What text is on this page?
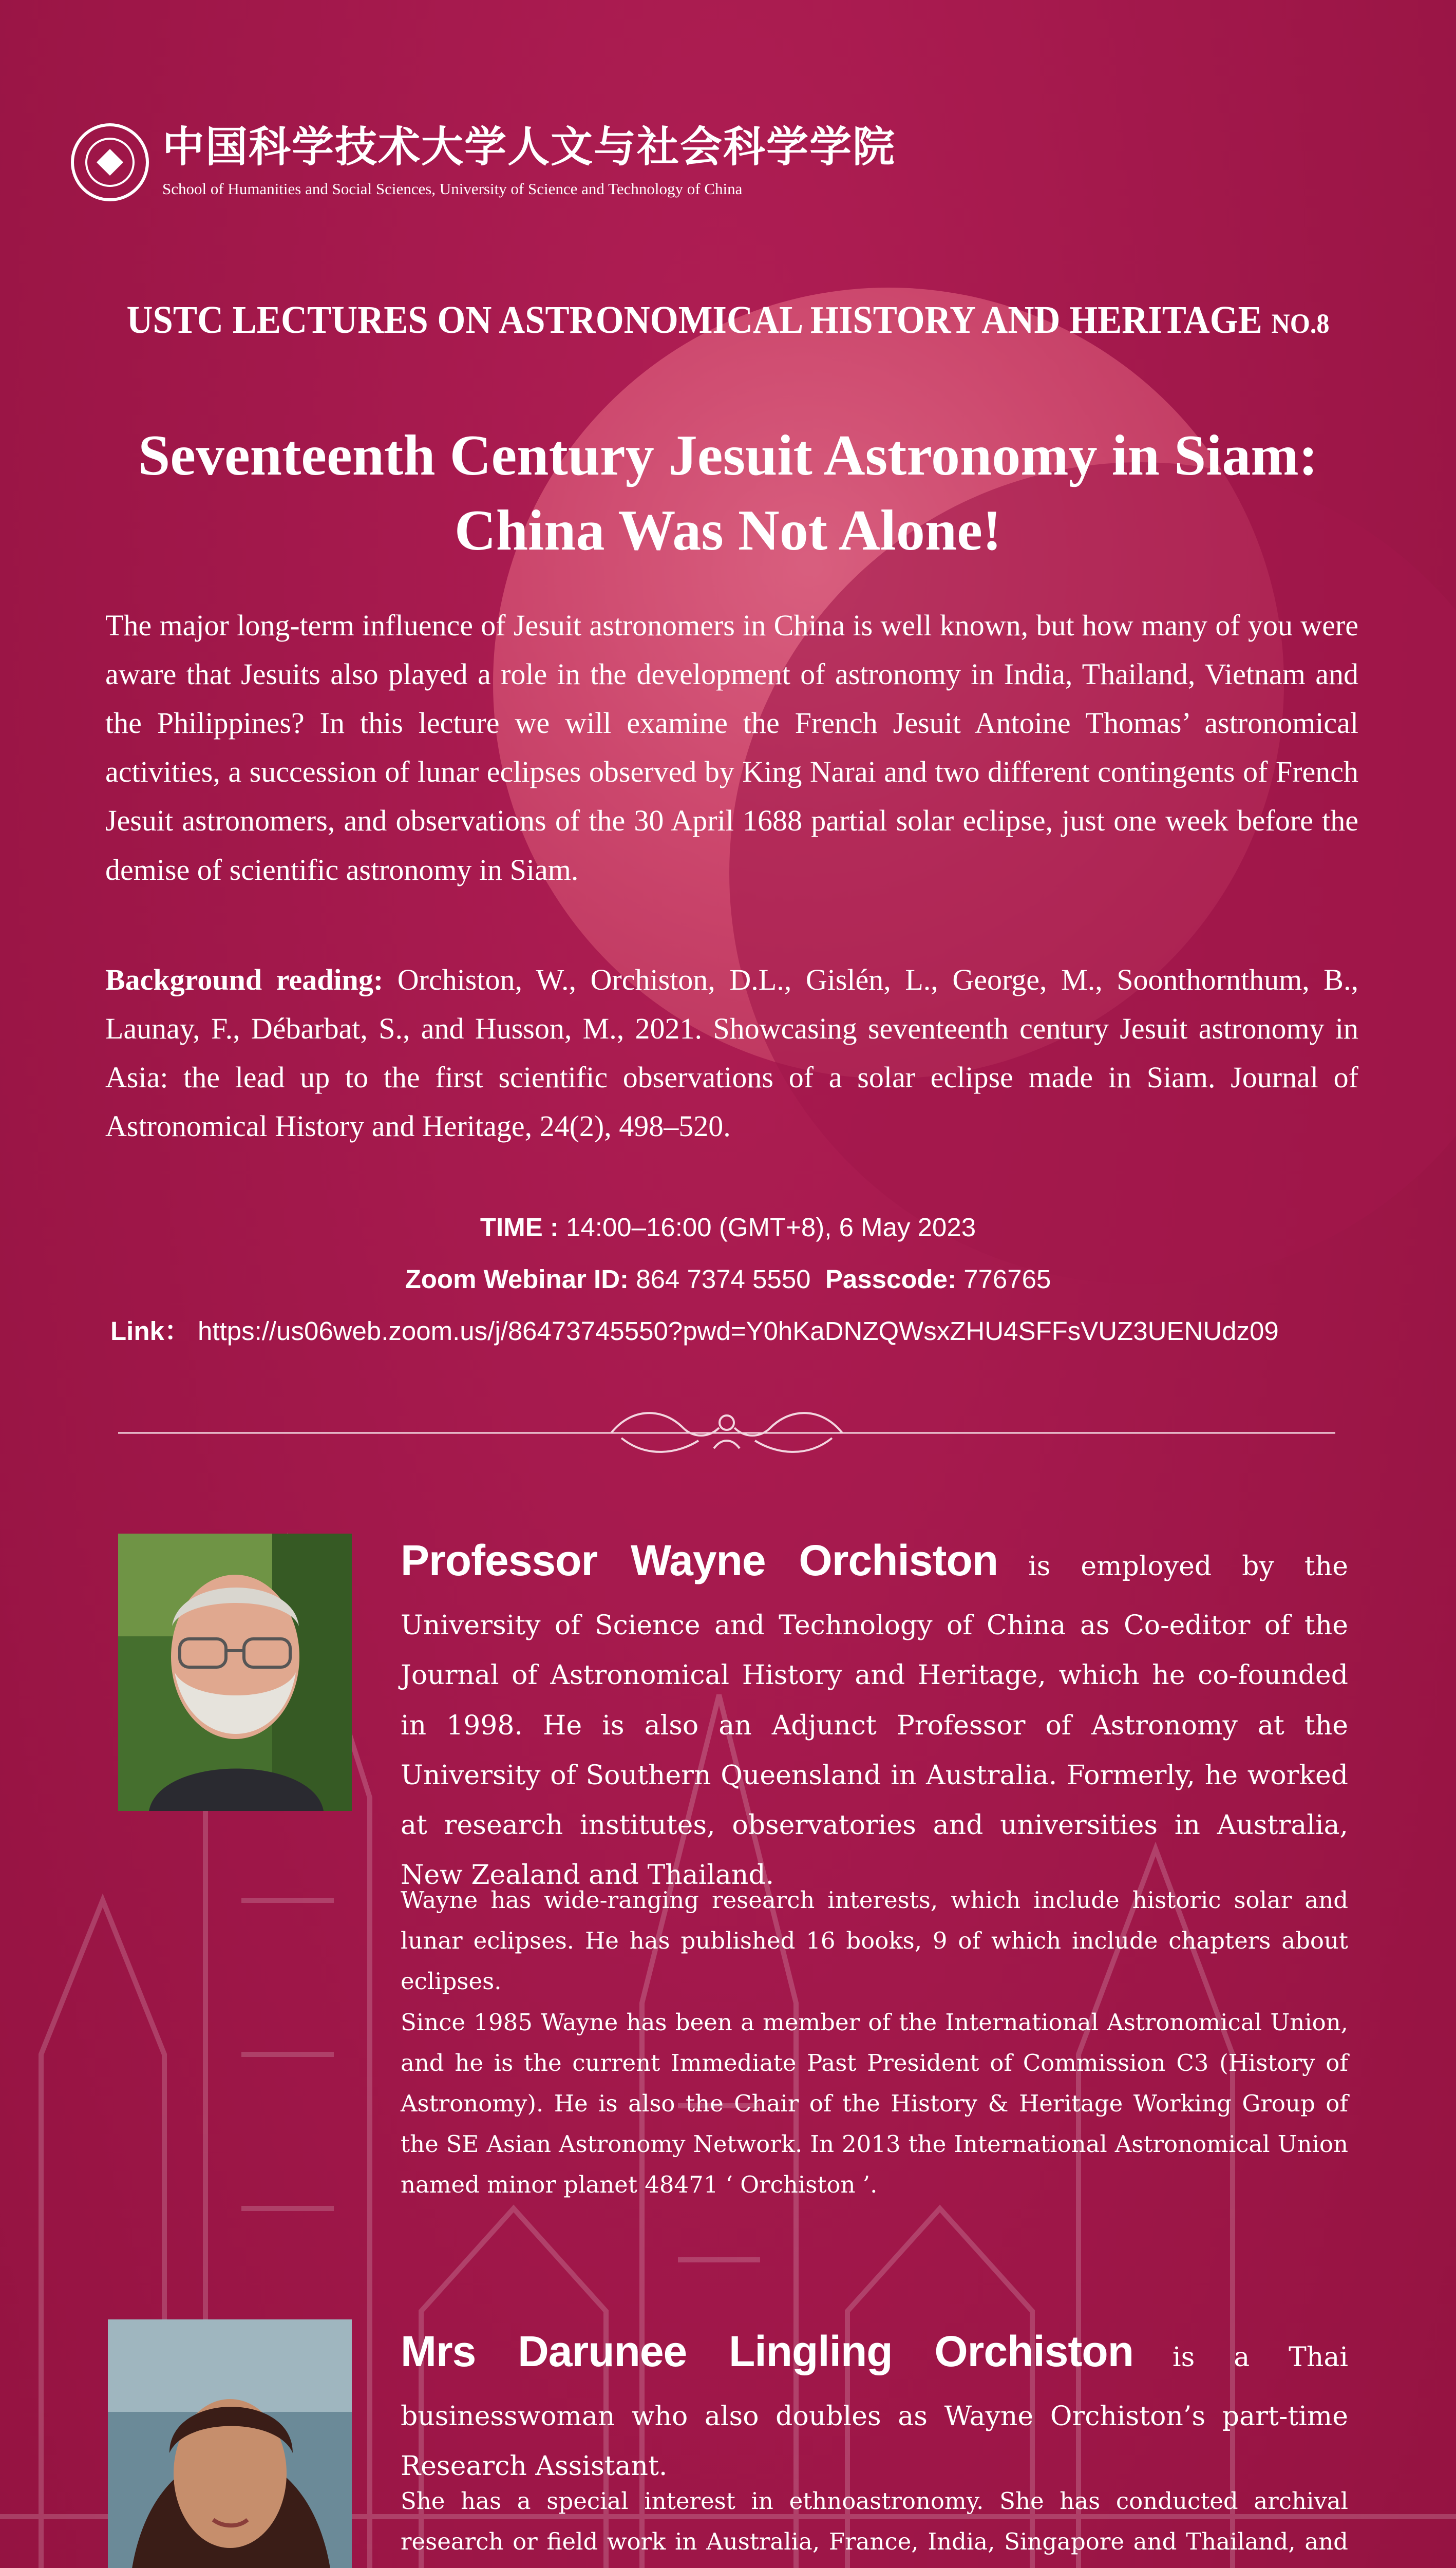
中国科学技术大学人文与社会科学学院
School of Humanities and Social Sciences, University of Science and Technology of China
USTC LECTURES ON ASTRONOMICAL HISTORY AND HERITAGE NO.8
Seventeenth Century Jesuit Astronomy in Siam:
China Was Not Alone!

The major long-term influence of Jesuit astronomers in China is well known, but how many of you were aware that Jesuits also played a role in the development of astronomy in India, Thailand, Vietnam and the Philippines? In this lecture we will examine the French Jesuit Antoine Thomas’ astronomical activities, a succession of lunar eclipses observed by King Narai and two different contingents of French Jesuit astronomers, and observations of the 30 April 1688 partial solar eclipse, just one week before the demise of scientific astronomy in Siam.

Background reading: Orchiston, W., Orchiston, D.L., Gislén, L., George, M., Soonthornthum, B., Launay, F., Débarbat, S., and Husson, M., 2021. Showcasing seventeenth century Jesuit astronomy in Asia: the lead up to the first scientific observations of a solar eclipse made in Siam. Journal of Astronomical History and Heritage, 24(2), 498–520.

TIME : 14:00–16:00 (GMT+8), 6 May 2023
Zoom Webinar ID: 864 7374 5550 Passcode: 776765
Link： https://us06web.zoom.us/j/86473745550?pwd=Y0hKaDNZQWsxZHU4SFFsVUZ3UENUdz09
Professor Wayne Orchiston is employed by the University of Science and Technology of China as Co-editor of the Journal of Astronomical History and Heritage, which he co-founded in 1998. He is also an Adjunct Professor of Astronomy at the University of Southern Queensland in Australia. Formerly, he worked at research institutes, observatories and universities in Australia, New Zealand and Thailand.

Wayne has wide-ranging research interests, which include historic solar and lunar eclipses. He has published 16 books, 9 of which include chapters about eclipses.

Since 1985 Wayne has been a member of the International Astronomical Union, and he is the current Immediate Past President of Commission C3 (History of Astronomy). He is also the Chair of the History & Heritage Working Group of the SE Asian Astronomy Network. In 2013 the International Astronomical Union named minor planet 48471 ‘ Orchiston ’.

Mrs Darunee Lingling Orchiston is a Thai businesswoman who also doubles as Wayne Orchiston’s part-time Research Assistant.

She has a special interest in ethnoastronomy. She has conducted archival research or field work in Australia, France, India, Singapore and Thailand, and
